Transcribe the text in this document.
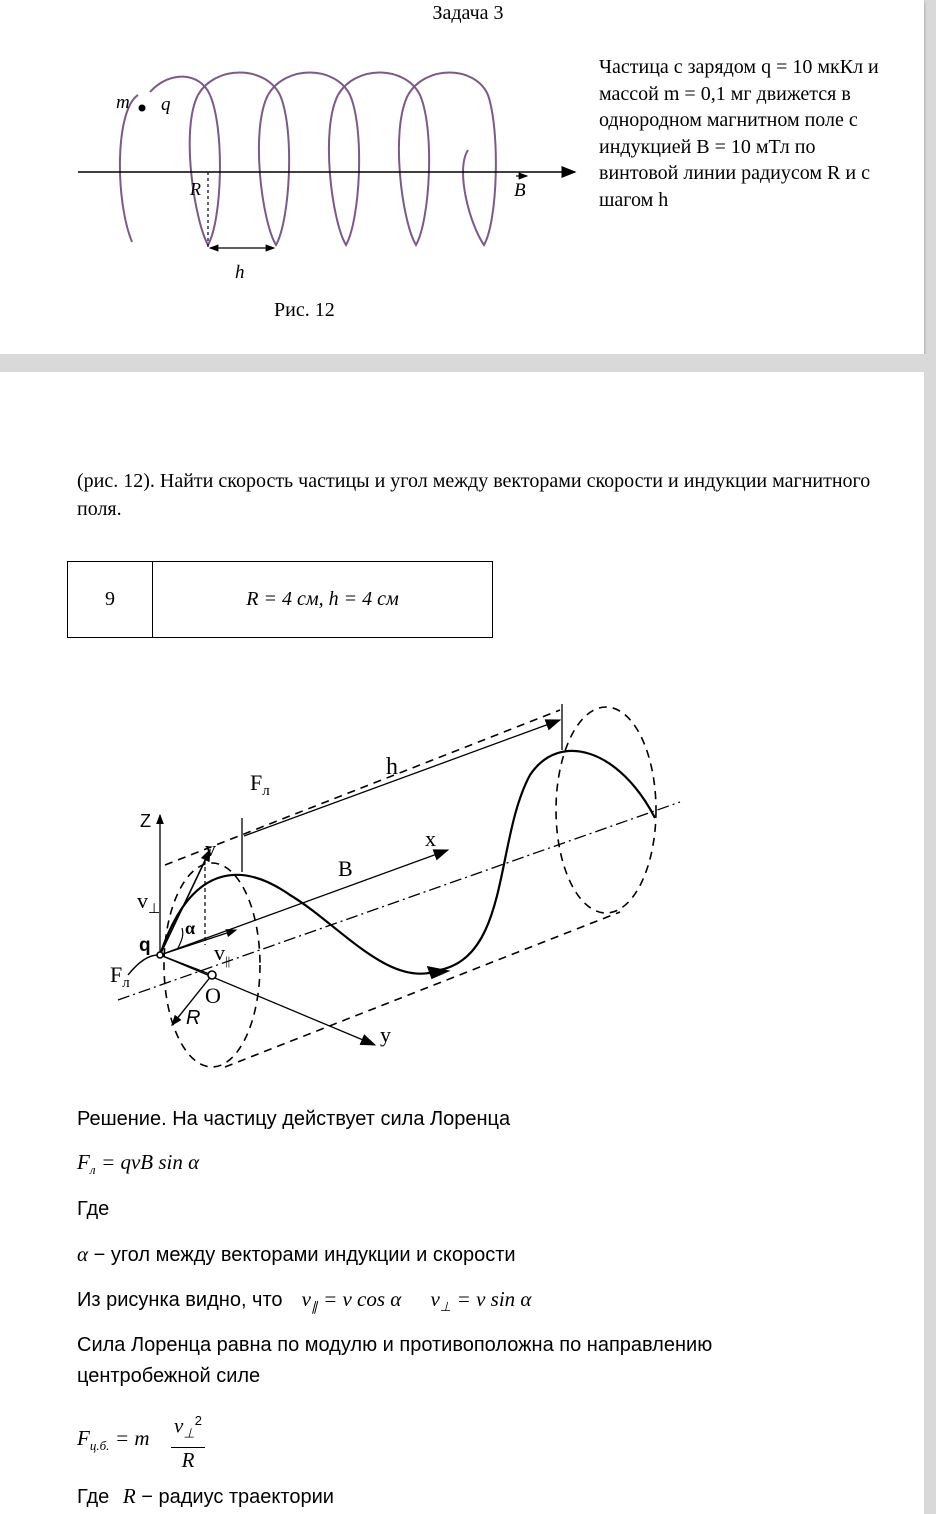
Задача 3
m q
R	B
h
Частица с зарядом q = 10 мкКл и массой m = 0,1 мг движется в однородном магнитном поле с индукцией B = 10 мТл по винтовой линии радиусом R и с шагом h
Рис. 12
(рис. 12). Найти скорость частицы и угол между векторами скорости и индукции магнитного поля.
9	R = 4 см, h = 4 см
h
$F_л$
Z
x
v
B
$v_\perp$
α
q	$v_{||}$
$F_л$	O
R
y
Решение. На частицу действует сила Лоренца
$F_л$ = qvB sin α
Где
α − угол между векторами индукции и скорости
Из рисунка видно, что $v_\parallel = v$ cos α $v_\perp = v$ sin α
Сила Лоренца равна по модулю и противоположна по направлению
центробежной силе
$F_{ц.б.} = m$
$v_\perp^2$
R
Где R − радиус траектории
